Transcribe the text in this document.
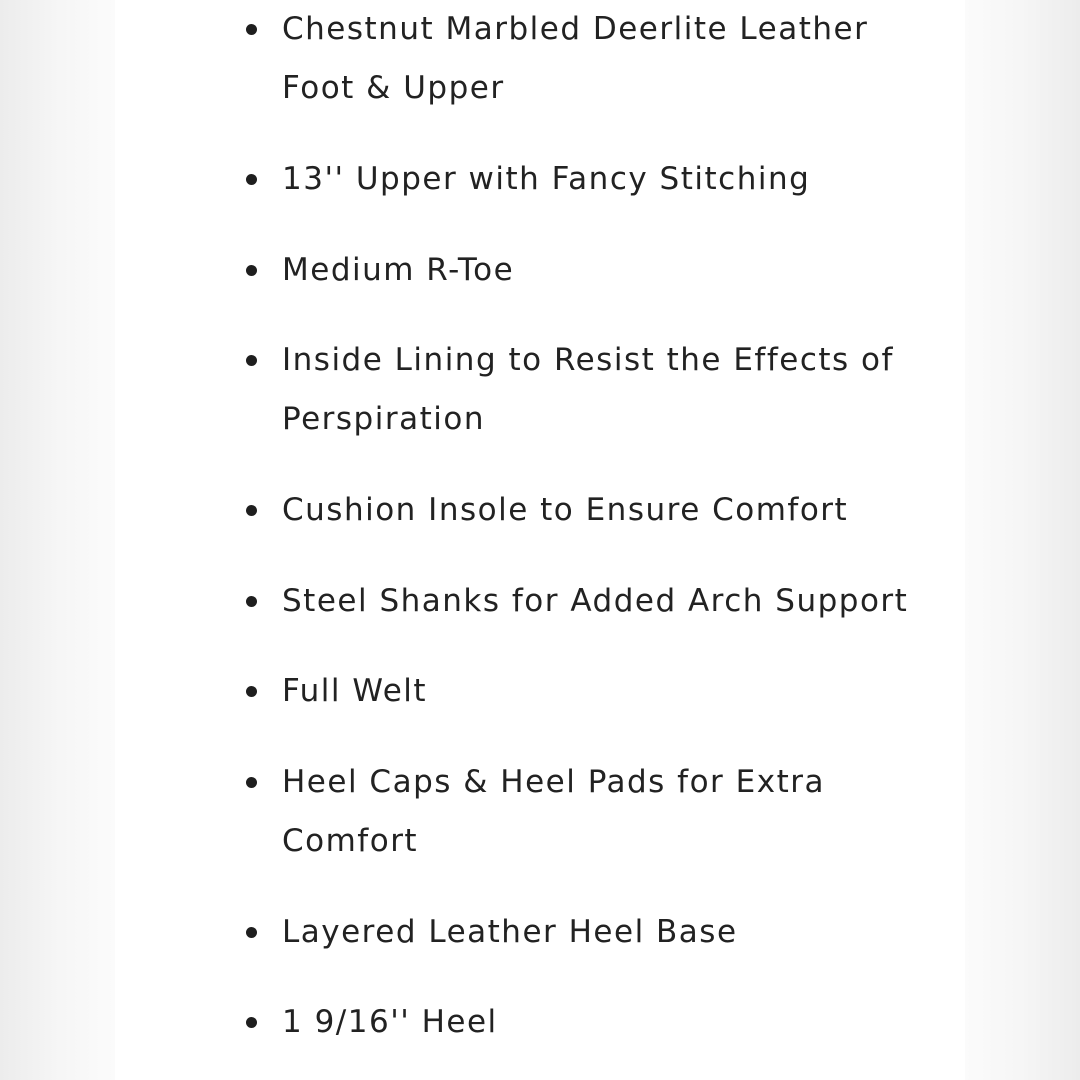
Chestnut Marbled Deerlite Leather Foot & Upper
13'' Upper with Fancy Stitching
Medium R-Toe
Inside Lining to Resist the Effects of Perspiration
Cushion Insole to Ensure Comfort
Steel Shanks for Added Arch Support
Full Welt
Heel Caps & Heel Pads for Extra Comfort
Layered Leather Heel Base
1 9/16'' Heel
